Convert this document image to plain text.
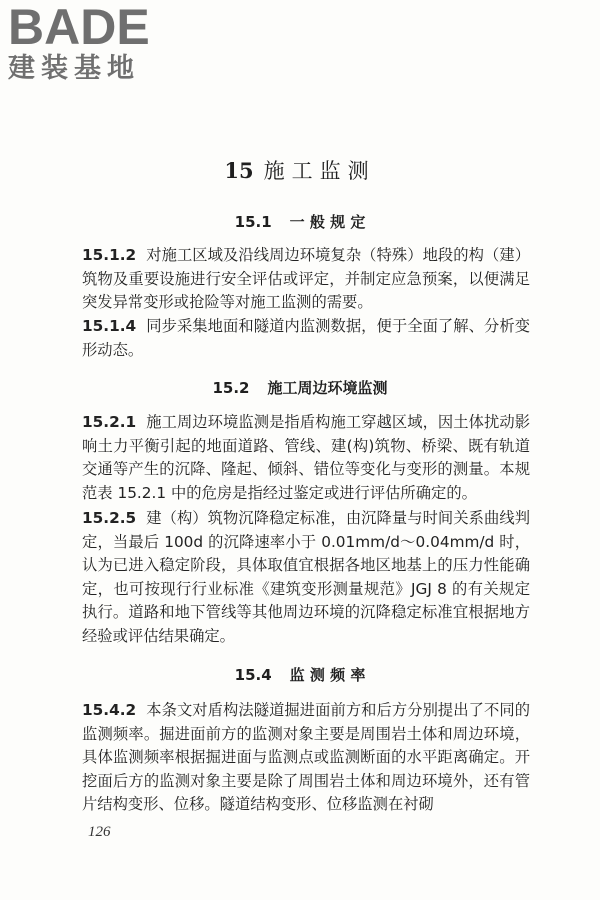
BADE
建装基地
15 施工监测
15.1 一 般 规 定

15.1.2 对施工区域及沿线周边环境复杂（特殊）地段的构（建）筑物及重要设施进行安全评估或评定，并制定应急预案，以便满足突发异常变形或抢险等对施工监测的需要。

15.1.4 同步采集地面和隧道内监测数据，便于全面了解、分析变形动态。

15.2 施工周边环境监测

15.2.1 施工周边环境监测是指盾构施工穿越区域，因土体扰动影响土力平衡引起的地面道路、管线、建(构)筑物、桥梁、既有轨道交通等产生的沉降、隆起、倾斜、错位等变化与变形的测量。本规范表 15.2.1 中的危房是指经过鉴定或进行评估所确定的。

15.2.5 建（构）筑物沉降稳定标准，由沉降量与时间关系曲线判定，当最后 100d 的沉降速率小于 0.01mm/d～0.04mm/d 时，认为已进入稳定阶段，具体取值宜根据各地区地基上的压力性能确定，也可按现行行业标准《建筑变形测量规范》JGJ 8 的有关规定执行。道路和地下管线等其他周边环境的沉降稳定标准宜根据地方经验或评估结果确定。

15.4 监 测 频 率

15.4.2 本条文对盾构法隧道掘进面前方和后方分别提出了不同的监测频率。掘进面前方的监测对象主要是周围岩土体和周边环境，具体监测频率根据掘进面与监测点或监测断面的水平距离确定。开挖面后方的监测对象主要是除了周围岩土体和周边环境外，还有管片结构变形、位移。隧道结构变形、位移监测在衬砌

126
